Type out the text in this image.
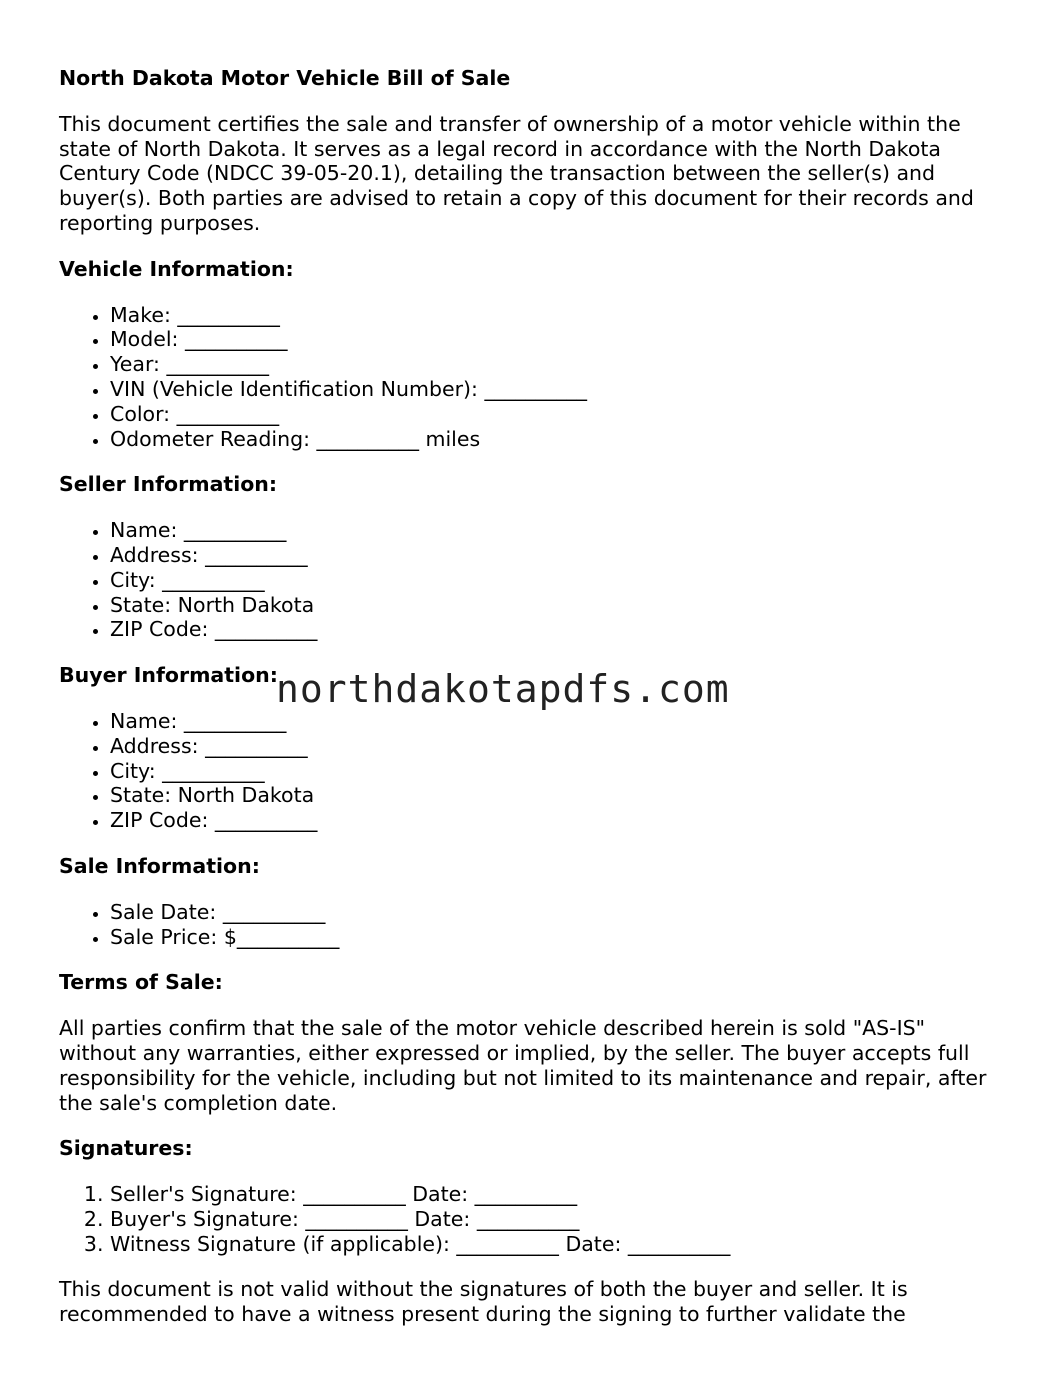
North Dakota Motor Vehicle Bill of Sale

This document certifies the sale and transfer of ownership of a motor vehicle within the state of North Dakota. It serves as a legal record in accordance with the North Dakota Century Code (NDCC 39-05-20.1), detailing the transaction between the seller(s) and buyer(s). Both parties are advised to retain a copy of this document for their records and reporting purposes.

Vehicle Information:
• Make: __________
• Model: __________
• Year: __________
• VIN (Vehicle Identification Number): __________
• Color: __________
• Odometer Reading: __________ miles
Seller Information:
• Name: __________
• Address: __________
• City: __________
• State: North Dakota
• ZIP Code: __________
Buyer Information:
• Name: __________
• Address: __________
• City: __________
• State: North Dakota
• ZIP Code: __________
Sale Information:
• Sale Date: __________
• Sale Price: $__________
Terms of Sale:

All parties confirm that the sale of the motor vehicle described herein is sold "AS-IS" without any warranties, either expressed or implied, by the seller. The buyer accepts full responsibility for the vehicle, including but not limited to its maintenance and repair, after the sale's completion date.

Signatures:
1. Seller's Signature: __________ Date: __________
2. Buyer's Signature: __________ Date: __________
3. Witness Signature (if applicable): __________ Date: __________

This document is not valid without the signatures of both the buyer and seller. It is recommended to have a witness present during the signing to further validate the

northdakotapdfs.com
